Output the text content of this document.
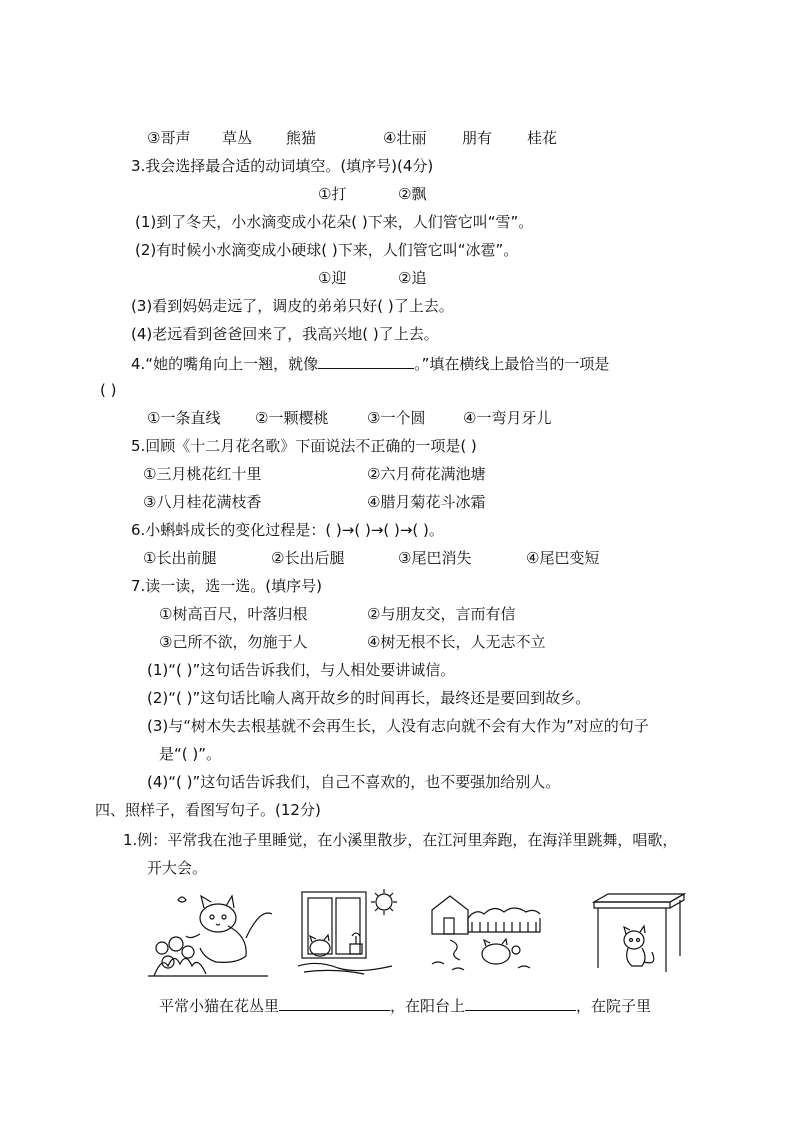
③哥声 草丛 熊猫	④壮丽 朋有 桂花
3.我会选择最合适的动词填空。(填序号)(4分)
①打	②飘
(1)到了冬天，小水滴变成小花朵( )下来，人们管它叫“雪”。
(2)有时候小水滴变成小硬球( )下来，人们管它叫“冰雹”。
①迎	②追
(3)看到妈妈走远了，调皮的弟弟只好( )了上去。
(4)老远看到爸爸回来了，我高兴地( )了上去。
4.“她的嘴角向上一翘，就像	。”填在横线上最恰当的一项是
( )
①一条直线 ②一颗樱桃	③一个圆	④一弯月牙儿
5.回顾《十二月花名歌》下面说法不正确的一项是( )
①三月桃花红十里	②六月荷花满池塘
③八月桂花满枝香	④腊月菊花斗冰霜
6.小蝌蚪成长的变化过程是：( )→( )→( )→( )。
①长出前腿	②长出后腿	③尾巴消失	④尾巴变短
7.读一读，选一选。(填序号)
①树高百尺，叶落归根	②与朋友交，言而有信
③己所不欲，勿施于人	④树无根不长，人无志不立
(1)“( )”这句话告诉我们，与人相处要讲诚信。
(2)“( )”这句话比喻人离开故乡的时间再长，最终还是要回到故乡。
(3)与“树木失去根基就不会再生长，人没有志向就不会有大作为”对应的句子
是“( )”。
(4)“( )”这句话告诉我们，自己不喜欢的，也不要强加给别人。
四、照样子，看图写句子。(12分)
1.例：平常我在池子里睡觉，在小溪里散步，在江河里奔跑，在海洋里跳舞，唱歌，
开大会。
平常小猫在花丛里	，在阳台上	，在院子里
